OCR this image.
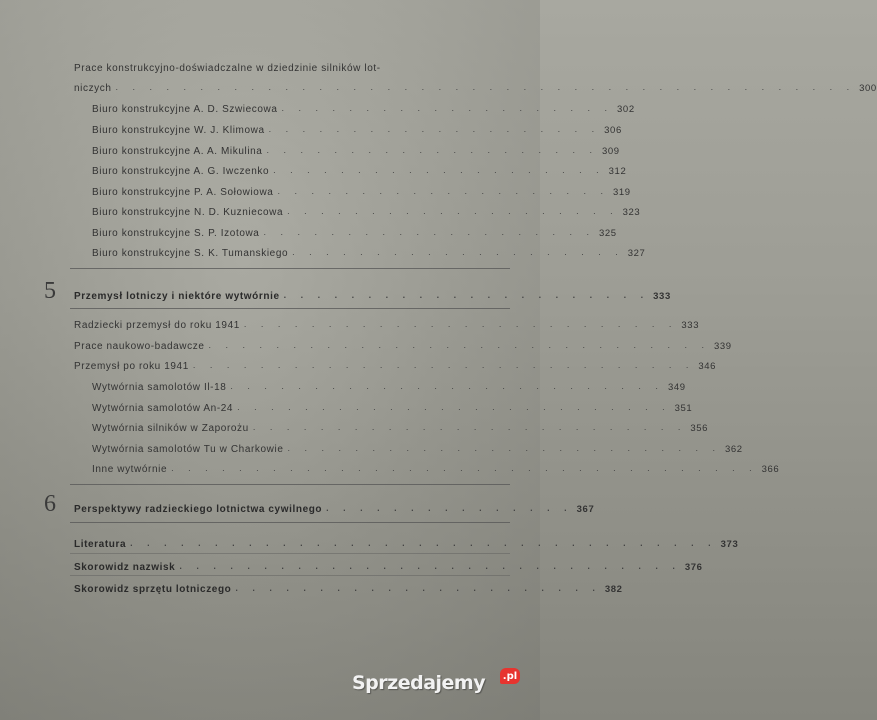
Prace konstrukcyjno-doświadczalne w dziedzinie silników lot-
niczych . . . . . . . . . . . . . . . . . . . . . . . . . . . . . . . . . . . . . . . . . . . . 300
Biuro konstrukcyjne A. D. Szwiecowa . . . . . . . . . . . . . . . . . . . . 302
Biuro konstrukcyjne W. J. Klimowa . . . . . . . . . . . . . . . . . . . . 306
Biuro konstrukcyjne A. A. Mikulina . . . . . . . . . . . . . . . . . . . . 309
Biuro konstrukcyjne A. G. Iwczenko . . . . . . . . . . . . . . . . . . . . 312
Biuro konstrukcyjne P. A. Sołowiowa . . . . . . . . . . . . . . . . . . . . 319
Biuro konstrukcyjne N. D. Kuzniecowa . . . . . . . . . . . . . . . . . . . . 323
Biuro konstrukcyjne S. P. Izotowa . . . . . . . . . . . . . . . . . . . . 325
Biuro konstrukcyjne S. K. Tumanskiego . . . . . . . . . . . . . . . . . . . . 327
5 Przemysł lotniczy i niektóre wytwórnie . . . . . . . . . . . . . . . . . . . . . . 333
Radziecki przemysł do roku 1941 . . . . . . . . . . . . . . . . . . . . . . . . . . 333
Prace naukowo-badawcze . . . . . . . . . . . . . . . . . . . . . . . . . . . . . . 339
Przemysł po roku 1941 . . . . . . . . . . . . . . . . . . . . . . . . . . . . . . 346
Wytwórnia samolotów Il-18 . . . . . . . . . . . . . . . . . . . . . . . . . . 349
Wytwórnia samolotów An-24 . . . . . . . . . . . . . . . . . . . . . . . . . . 351
Wytwórnia silników w Zaporożu . . . . . . . . . . . . . . . . . . . . . . . . . . 356
Wytwórnia samolotów Tu w Charkowie . . . . . . . . . . . . . . . . . . . . . . . . . . 362
Inne wytwórnie . . . . . . . . . . . . . . . . . . . . . . . . . . . . . . . . . . . 366
6 Perspektywy radzieckiego lotnictwa cywilnego . . . . . . . . . . . . . . . 367
Literatura . . . . . . . . . . . . . . . . . . . . . . . . . . . . . . . . . . . 373
Skorowidz nazwisk . . . . . . . . . . . . . . . . . . . . . . . . . . . . . . 376
Skorowidz sprzętu lotniczego . . . . . . . . . . . . . . . . . . . . . . 382
Sprzedajemy .pl
